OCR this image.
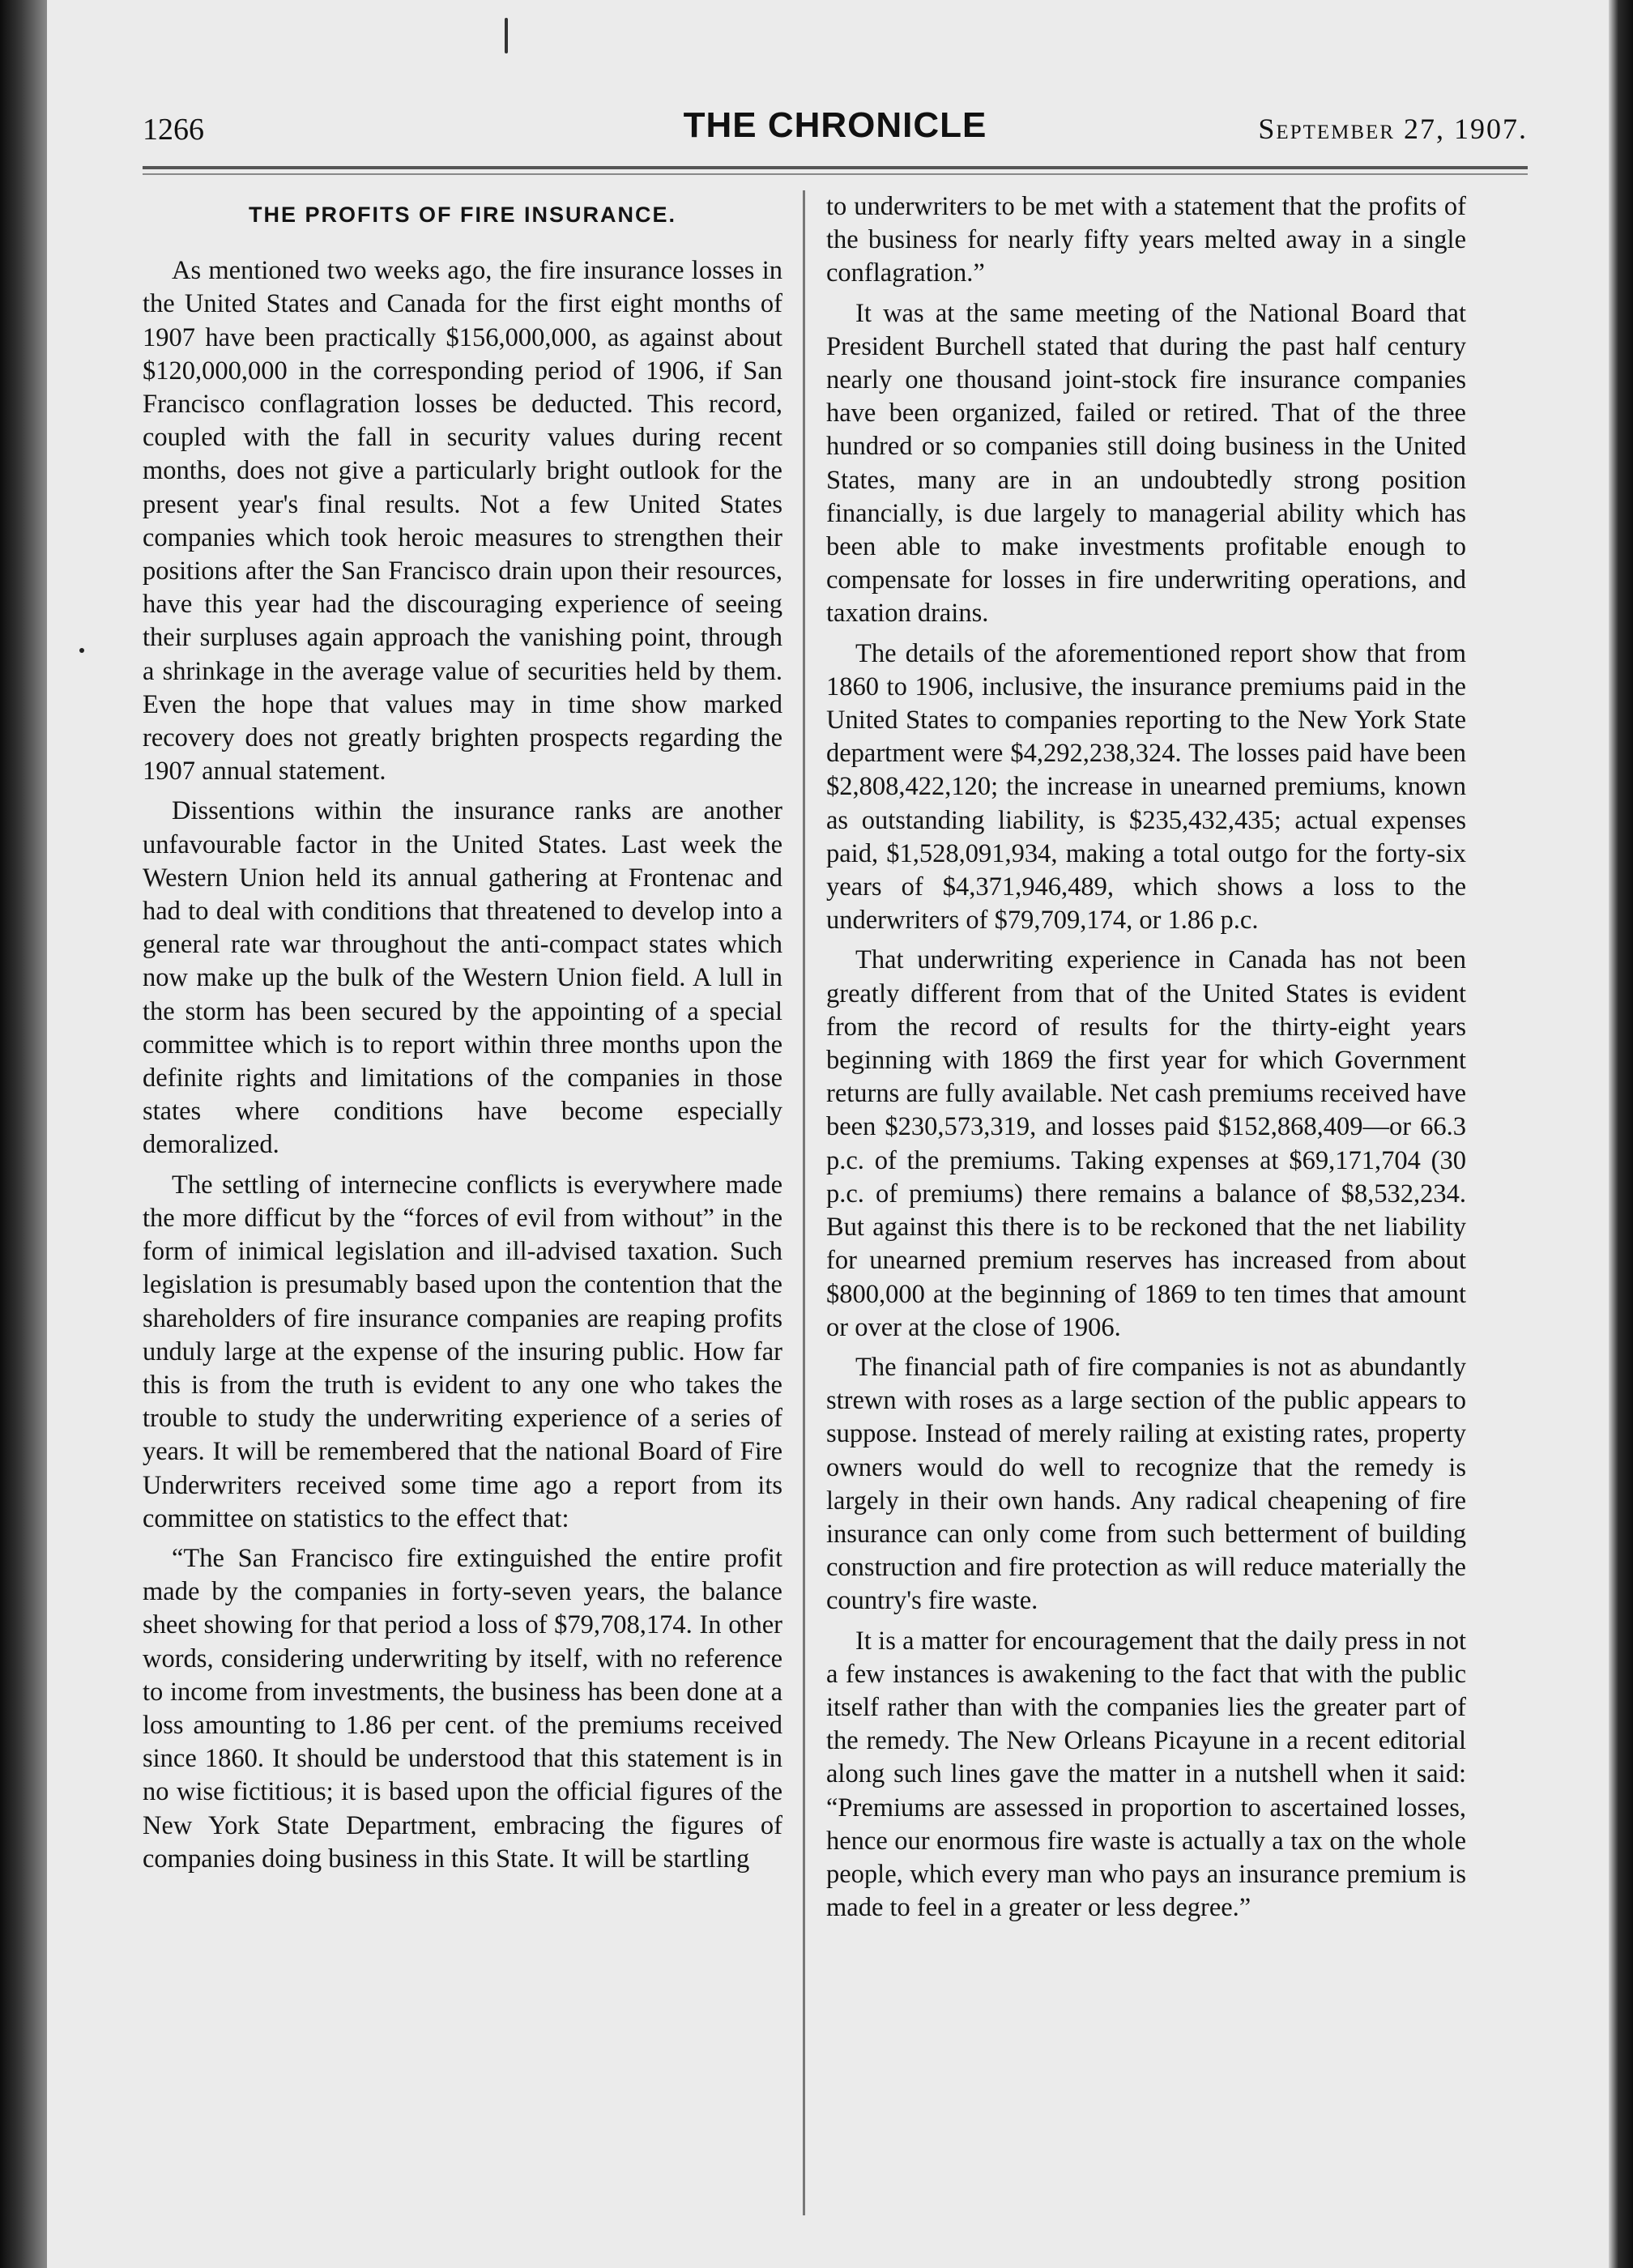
1266	THE CHRONICLE	September 27, 1907.
THE PROFITS OF FIRE INSURANCE.

As mentioned two weeks ago, the fire insurance losses in the United States and Canada for the first eight months of 1907 have been practically $156,000,000, as against about $120,000,000 in the corresponding period of 1906, if San Francisco conflagration losses be deducted. This record, coupled with the fall in security values during recent months, does not give a particularly bright outlook for the present year's final results. Not a few United States companies which took heroic measures to strengthen their positions after the San Francisco drain upon their resources, have this year had the discouraging experience of seeing their surpluses again approach the vanishing point, through a shrinkage in the average value of securities held by them. Even the hope that values may in time show marked recovery does not greatly brighten prospects regarding the 1907 annual statement.

Dissentions within the insurance ranks are another unfavourable factor in the United States. Last week the Western Union held its annual gathering at Frontenac and had to deal with conditions that threatened to develop into a general rate war throughout the anti-compact states which now make up the bulk of the Western Union field. A lull in the storm has been secured by the appointing of a special committee which is to report within three months upon the definite rights and limitations of the companies in those states where conditions have become especially demoralized.

The settling of internecine conflicts is everywhere made the more difficut by the “forces of evil from without” in the form of inimical legislation and ill-advised taxation. Such legislation is presumably based upon the contention that the shareholders of fire insurance companies are reaping profits unduly large at the expense of the insuring public. How far this is from the truth is evident to any one who takes the trouble to study the underwriting experience of a series of years. It will be remembered that the national Board of Fire Underwriters received some time ago a report from its committee on statistics to the effect that:

“The San Francisco fire extinguished the entire profit made by the companies in forty-seven years, the balance sheet showing for that period a loss of $79,708,174. In other words, considering underwriting by itself, with no reference to income from investments, the business has been done at a loss amounting to 1.86 per cent. of the premiums received since 1860. It should be understood that this statement is in no wise fictitious; it is based upon the official figures of the New York State Department, embracing the figures of companies doing business in this State. It will be startling

to underwriters to be met with a statement that the profits of the business for nearly fifty years melted away in a single conflagration.”

It was at the same meeting of the National Board that President Burchell stated that during the past half century nearly one thousand joint-stock fire insurance companies have been organized, failed or retired. That of the three hundred or so companies still doing business in the United States, many are in an undoubtedly strong position financially, is due largely to managerial ability which has been able to make investments profitable enough to compensate for losses in fire underwriting operations, and taxation drains.

The details of the aforementioned report show that from 1860 to 1906, inclusive, the insurance premiums paid in the United States to companies reporting to the New York State department were $4,292,238,324. The losses paid have been $2,808,422,120; the increase in unearned premiums, known as outstanding liability, is $235,432,435; actual expenses paid, $1,528,091,934, making a total outgo for the forty-six years of $4,371,946,489, which shows a loss to the underwriters of $79,709,174, or 1.86 p.c.

That underwriting experience in Canada has not been greatly different from that of the United States is evident from the record of results for the thirty-eight years beginning with 1869 the first year for which Government returns are fully available. Net cash premiums received have been $230,573,319, and losses paid $152,868,409—or 66.3 p.c. of the premiums. Taking expenses at $69,171,704 (30 p.c. of premiums) there remains a balance of $8,532,234. But against this there is to be reckoned that the net liability for unearned premium reserves has increased from about $800,000 at the beginning of 1869 to ten times that amount or over at the close of 1906.

The financial path of fire companies is not as abundantly strewn with roses as a large section of the public appears to suppose. Instead of merely railing at existing rates, property owners would do well to recognize that the remedy is largely in their own hands. Any radical cheapening of fire insurance can only come from such betterment of building construction and fire protection as will reduce materially the country's fire waste.

It is a matter for encouragement that the daily press in not a few instances is awakening to the fact that with the public itself rather than with the companies lies the greater part of the remedy. The New Orleans Picayune in a recent editorial along such lines gave the matter in a nutshell when it said: “Premiums are assessed in proportion to ascertained losses, hence our enormous fire waste is actually a tax on the whole people, which every man who pays an insurance premium is made to feel in a greater or less degree.”
